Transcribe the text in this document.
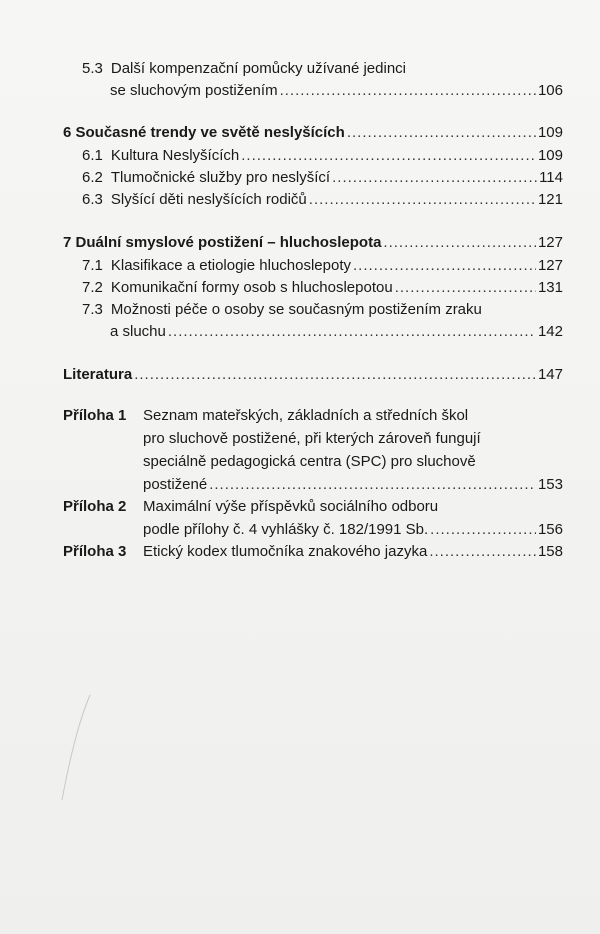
5.3 Další kompenzační pomůcky užívané jedinci
se sluchovým postižením .....	106
6 Současné trendy ve světě neslyšících .....	109
6.1 Kultura Neslyšících .....	109
6.2 Tlumočnické služby pro neslyšící .....	114
6.3 Slyšící děti neslyšících rodičů .....	121
7 Duální smyslové postižení – hluchoslepota .....	127
7.1 Klasifikace a etiologie hluchoslepoty .....	127
7.2 Komunikační formy osob s hluchoslepotou .....	131
7.3 Možnosti péče o osoby se současným postižením zraku
a sluchu .....	142
Literatura .....	147
Příloha 1 Seznam mateřských, základních a středních škol
pro sluchově postižené, při kterých zároveň fungují
speciálně pedagogická centra (SPC) pro sluchově
postižené .....	153
Příloha 2 Maximální výše příspěvků sociálního odboru
podle přílohy č. 4 vyhlášky č. 182/1991 Sb. .....	156
Příloha 3 Etický kodex tlumočníka znakového jazyka .....	158
